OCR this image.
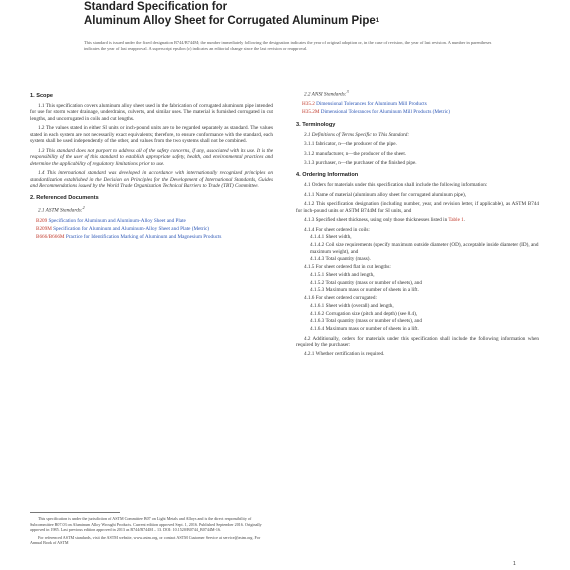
Standard Specification for
Aluminum Alloy Sheet for Corrugated Aluminum Pipe$^1$
This standard is issued under the fixed designation B744/B744M; the number immediately following the designation indicates the year of original adoption or, in the case of revision, the year of last revision. A number in parentheses indicates the year of last reapproval. A superscript epsilon (ε) indicates an editorial change since the last revision or reapproval.
1. Scope
1.1 This specification covers aluminum alloy sheet used in the fabrication of corrugated aluminum pipe intended for use for storm water drainage, underdrains, culverts, and similar uses. The material is furnished corrugated in cut lengths, and uncorrugated in coils and cut lengths.
1.2 The values stated in either SI units or inch-pound units are to be regarded separately as standard. The values stated in each system are not necessarily exact equivalents; therefore, to ensure conformance with the standard, each system shall be used independently of the other, and values from the two systems shall not be combined.
1.3 This standard does not purport to address all of the safety concerns, if any, associated with its use. It is the responsibility of the user of this standard to establish appropriate safety, health, and environmental practices and determine the applicability of regulatory limitations prior to use.
1.4 This international standard was developed in accordance with internationally recognized principles on standardization established in the Decision on Principles for the Development of International Standards, Guides and Recommendations issued by the World Trade Organization Technical Barriers to Trade (TBT) Committee.
2. Referenced Documents
2.1 ASTM Standards:$^2$
B209 Specification for Aluminum and Aluminum-Alloy Sheet and Plate
B209M Specification for Aluminum and Aluminum-Alloy Sheet and Plate (Metric)
B666/B666M Practice for Identification Marking of Aluminum and Magnesium Products
2.2 ANSI Standards:$^3$
H35.2 Dimensional Tolerances for Aluminum Mill Products
H35.2M Dimensional Tolerances for Aluminum Mill Products (Metric)
3. Terminology
3.1 Definitions of Terms Specific to This Standard:
3.1.1 fabricator, n—the producer of the pipe.
3.1.2 manufacturer, n—the producer of the sheet.
3.1.3 purchaser, n—the purchaser of the finished pipe.
4. Ordering Information
4.1 Orders for materials under this specification shall include the following information:
4.1.1 Name of material (aluminum alloy sheet for corrugated aluminum pipe),
4.1.2 This specification designation (including number, year, and revision letter, if applicable), as ASTM B744 for inch-pound units or ASTM B744M for SI units, and
4.1.3 Specified sheet thickness, using only those thicknesses listed in Table 1.
4.1.4 For sheet ordered in coils:
4.1.4.1 Sheet width,
4.1.4.2 Coil size requirements (specify maximum outside diameter (OD), acceptable inside diameter (ID), and maximum weight), and
4.1.4.3 Total quantity (mass).
4.1.5 For sheet ordered flat in cut lengths:
4.1.5.1 Sheet width and length,
4.1.5.2 Total quantity (mass or number of sheets), and
4.1.5.3 Maximum mass or number of sheets in a lift.
4.1.6 For sheet ordered corrugated:
4.1.6.1 Sheet width (overall) and length,
4.1.6.2 Corrugation size (pitch and depth) (see 8.4),
4.1.6.3 Total quantity (mass or number of sheets), and
4.1.6.4 Maximum mass or number of sheets in a lift.
4.2 Additionally, orders for materials under this specification shall include the following information when required by the purchaser:
4.2.1 Whether certification is required.
This specification is under the jurisdiction of ASTM Committee B07 on Light Metals and Alloys and is the direct responsibility of Subcommittee B07.03 on Aluminum Alloy Wrought Products. Current edition approved Sept. 1, 2016. Published September 2016. Originally approved in 1985. Last previous edition approved in 2013 as B744/B744M – 13. DOI: 10.1520/B0744_B0744M-16.
For referenced ASTM standards, visit the ASTM website, www.astm.org, or contact ASTM Customer Service at service@astm.org. For Annual Book of ASTM
1
